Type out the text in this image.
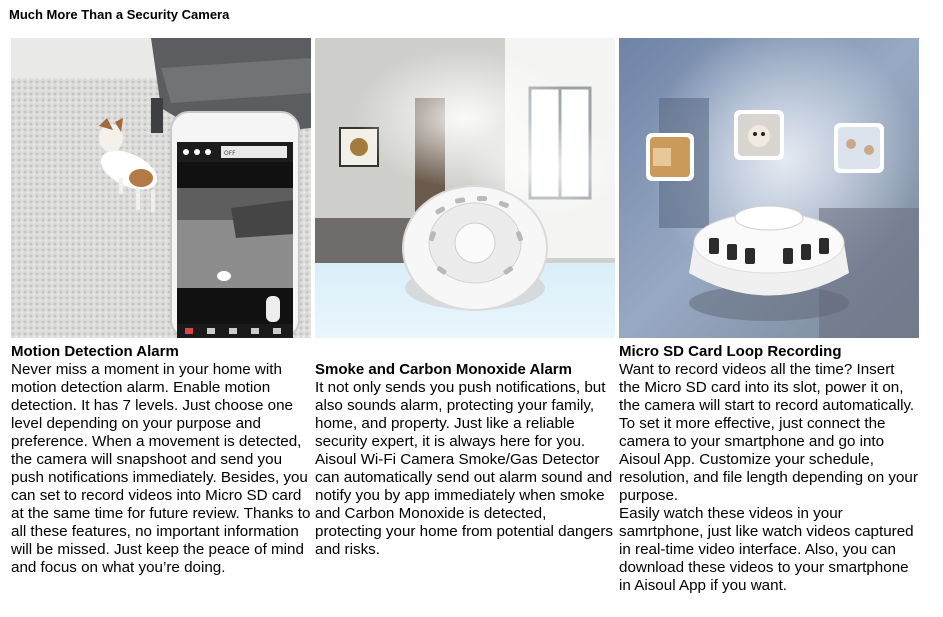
Much More Than a Security Camera
OFF
Motion Detection Alarm

Never miss a moment in your home with motion detection alarm. Enable motion detection. It has 7 levels. Just choose one level depending on your purpose and preference. When a movement is detected, the camera will snapshoot and send you push notifications immediately. Besides, you can set to record videos into Micro SD card at the same time for future review. Thanks to all these features, no important information will be missed. Just keep the peace of mind and focus on what you’re doing.

Smoke and Carbon Monoxide Alarm

It not only sends you push notifications, but also sounds alarm, protecting your family, home, and property. Just like a reliable security expert, it is always here for you.

Aisoul Wi-Fi Camera Smoke/Gas Detector can automatically send out alarm sound and notify you by app immediately when smoke and Carbon Monoxide is detected, protecting your home from potential dangers and risks.

Micro SD Card Loop Recording

Want to record videos all the time? Insert the Micro SD card into its slot, power it on, the camera will start to record automatically. To set it more effective, just connect the camera to your smartphone and go into Aisoul App. Customize your schedule, resolution, and file length depending on your purpose.

Easily watch these videos in your samrtphone, just like watch videos captured in real-time video interface. Also, you can download these videos to your smartphone in Aisoul App if you want.
